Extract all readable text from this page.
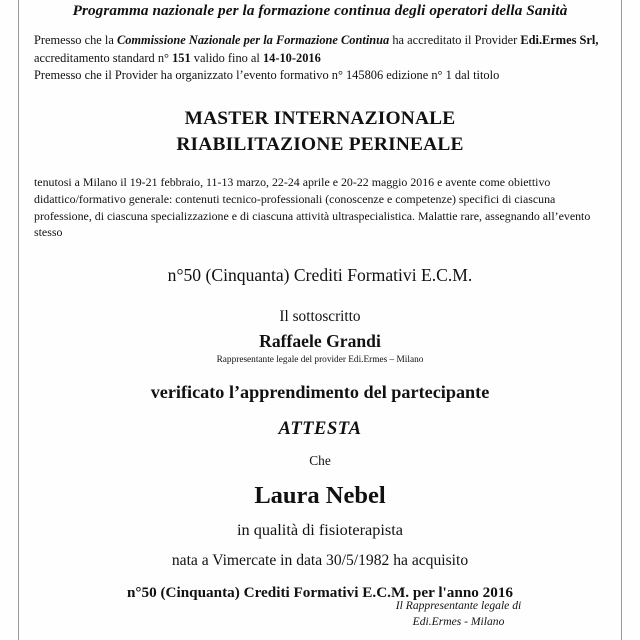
Programma nazionale per la formazione continua degli operatori della Sanità
Premesso che la Commissione Nazionale per la Formazione Continua ha accreditato il Provider Edi.Ermes Srl,
accreditamento standard n° 151 valido fino al 14-10-2016
Premesso che il Provider ha organizzato l’evento formativo n° 145806 edizione n° 1 dal titolo
MASTER INTERNAZIONALE
RIABILITAZIONE PERINEALE
tenutosi a Milano il 19-21 febbraio, 11-13 marzo, 22-24 aprile e 20-22 maggio 2016 e avente come obiettivo didattico/formativo generale: contenuti tecnico-professionali (conoscenze e competenze) specifici di ciascuna professione, di ciascuna specializzazione e di ciascuna attività ultraspecialistica. Malattie rare, assegnando all’evento stesso
n°50 (Cinquanta) Crediti Formativi E.C.M.
Il sottoscritto
Raffaele Grandi
Rappresentante legale del provider Edi.Ermes – Milano
verificato l’apprendimento del partecipante
ATTESTA
Che
Laura Nebel
in qualità di fisioterapista
nata a Vimercate in data 30/5/1982 ha acquisito
n°50 (Cinquanta) Crediti Formativi E.C.M. per l'anno 2016
Il Rappresentante legale di
Edi.Ermes - Milano
